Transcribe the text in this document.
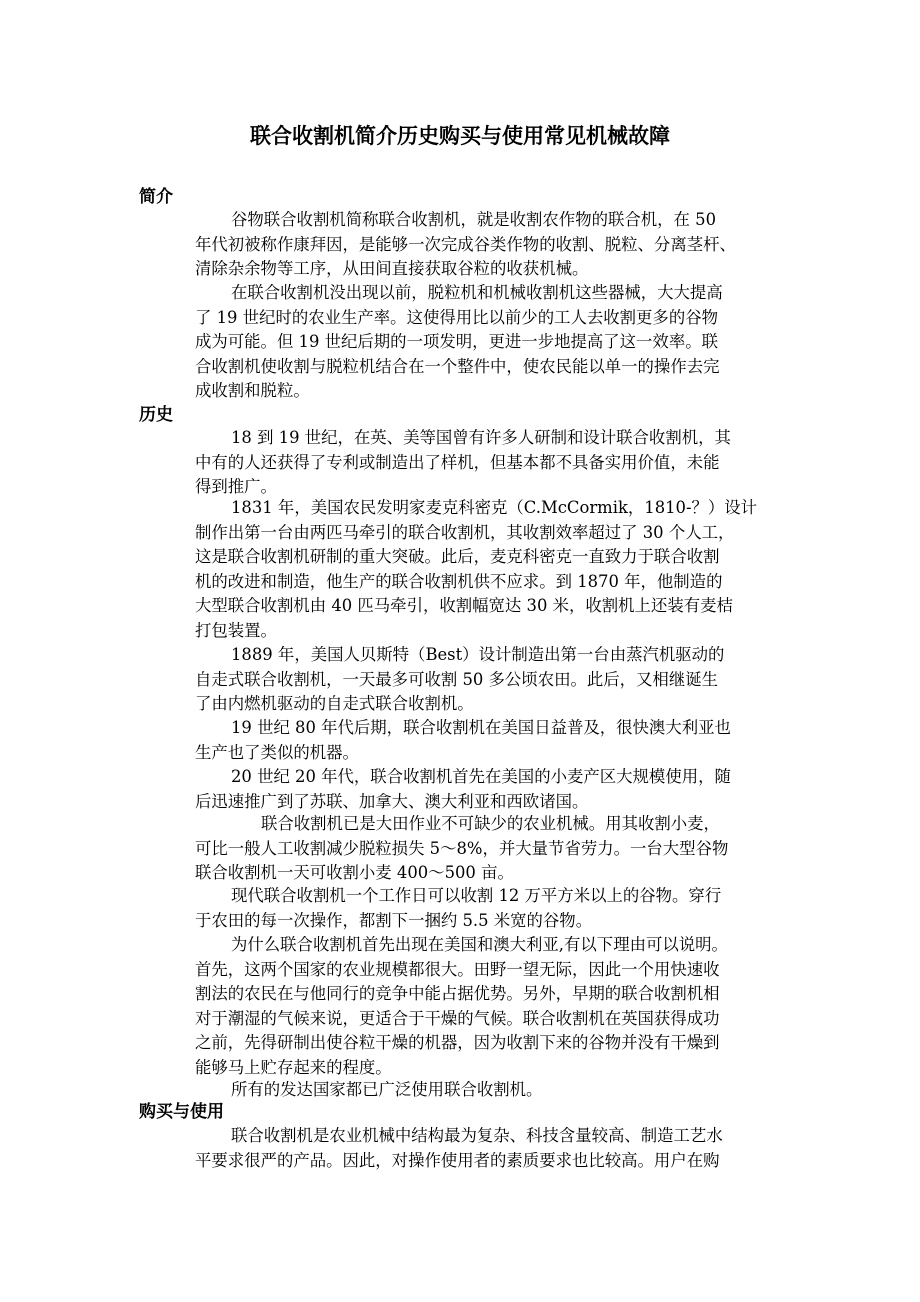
联合收割机简介历史购买与使用常见机械故障
简介

谷物联合收割机简称联合收割机，就是收割农作物的联合机，在 50
年代初被称作康拜因，是能够一次完成谷类作物的收割、脱粒、分离茎杆、
清除杂余物等工序，从田间直接获取谷粒的收获机械。

在联合收割机没出现以前，脱粒机和机械收割机这些器械，大大提高
了 19 世纪时的农业生产率。这使得用比以前少的工人去收割更多的谷物
成为可能。但 19 世纪后期的一项发明，更进一步地提高了这一效率。联
合收割机使收割与脱粒机结合在一个整件中，使农民能以单一的操作去完
成收割和脱粒。

历史

18 到 19 世纪，在英、美等国曾有许多人研制和设计联合收割机，其
中有的人还获得了专利或制造出了样机，但基本都不具备实用价值，未能
得到推广。

1831 年，美国农民发明家麦克科密克（C.McCormik，1810-？）设计
制作出第一台由两匹马牵引的联合收割机，其收割效率超过了 30 个人工，
这是联合收割机研制的重大突破。此后，麦克科密克一直致力于联合收割
机的改进和制造，他生产的联合收割机供不应求。到 1870 年，他制造的
大型联合收割机由 40 匹马牵引，收割幅宽达 30 米，收割机上还装有麦桔
打包装置。

1889 年，美国人贝斯特（Best）设计制造出第一台由蒸汽机驱动的
自走式联合收割机，一天最多可收割 50 多公顷农田。此后，又相继诞生
了由内燃机驱动的自走式联合收割机。

19 世纪 80 年代后期，联合收割机在美国日益普及，很快澳大利亚也
生产也了类似的机器。

20 世纪 20 年代，联合收割机首先在美国的小麦产区大规模使用，随
后迅速推广到了苏联、加拿大、澳大利亚和西欧诸国。

联合收割机已是大田作业不可缺少的农业机械。用其收割小麦，
可比一般人工收割减少脱粒损失 5～8%，并大量节省劳力。一台大型谷物
联合收割机一天可收割小麦 400～500 亩。

现代联合收割机一个工作日可以收割 12 万平方米以上的谷物。穿行
于农田的每一次操作，都割下一捆约 5.5 米宽的谷物。

为什么联合收割机首先出现在美国和澳大利亚,有以下理由可以说明。
首先，这两个国家的农业规模都很大。田野一望无际，因此一个用快速收
割法的农民在与他同行的竞争中能占据优势。另外，早期的联合收割机相
对于潮湿的气候来说，更适合于干燥的气候。联合收割机在英国获得成功
之前，先得研制出使谷粒干燥的机器，因为收割下来的谷物并没有干燥到
能够马上贮存起来的程度。

所有的发达国家都已广泛使用联合收割机。

购买与使用

联合收割机是农业机械中结构最为复杂、科技含量较高、制造工艺水
平要求很严的产品。因此，对操作使用者的素质要求也比较高。用户在购
